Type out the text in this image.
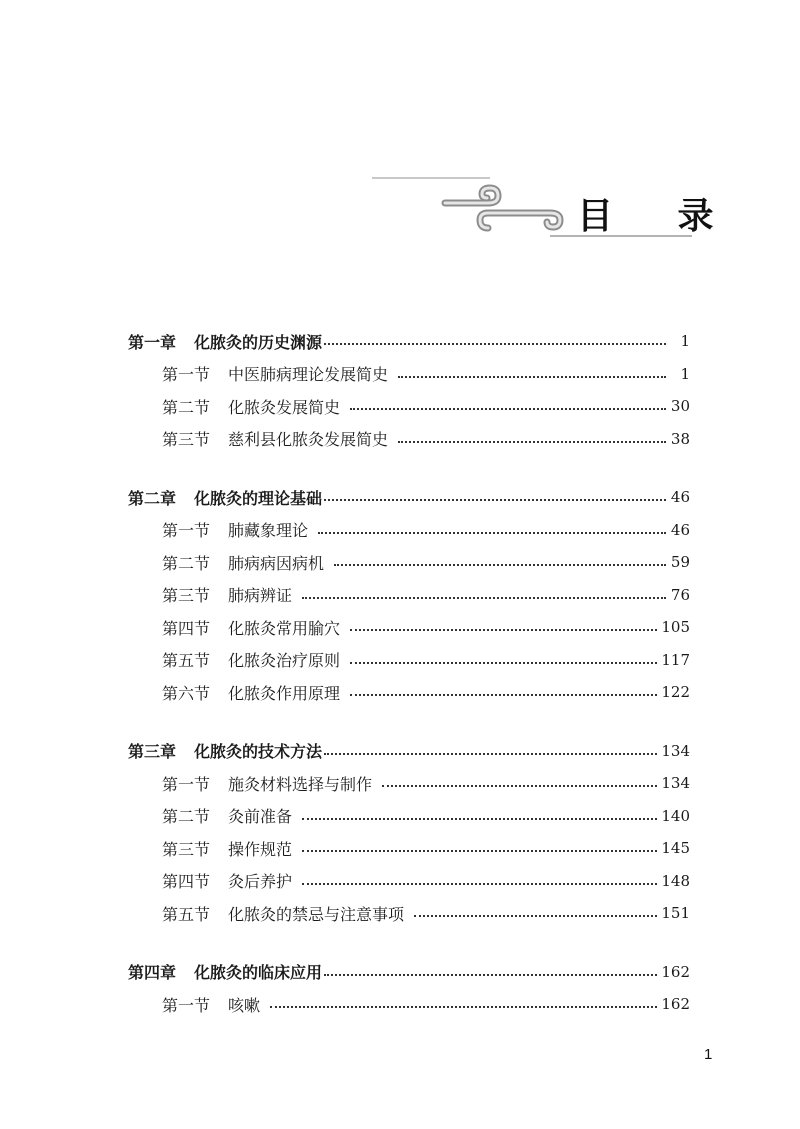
目 录
第一章 化脓灸的历史渊源	1
第一节 中医肺病理论发展简史	1
第二节 化脓灸发展简史	30
第三节 慈利县化脓灸发展简史	38
第二章 化脓灸的理论基础	46
第一节 肺藏象理论	46
第二节 肺病病因病机	59
第三节 肺病辨证	76
第四节 化脓灸常用腧穴	105
第五节 化脓灸治疗原则	117
第六节 化脓灸作用原理	122
第三章 化脓灸的技术方法	134
第一节 施灸材料选择与制作	134
第二节 灸前准备	140
第三节 操作规范	145
第四节 灸后养护	148
第五节 化脓灸的禁忌与注意事项	151
第四章 化脓灸的临床应用	162
第一节 咳嗽	162
1
